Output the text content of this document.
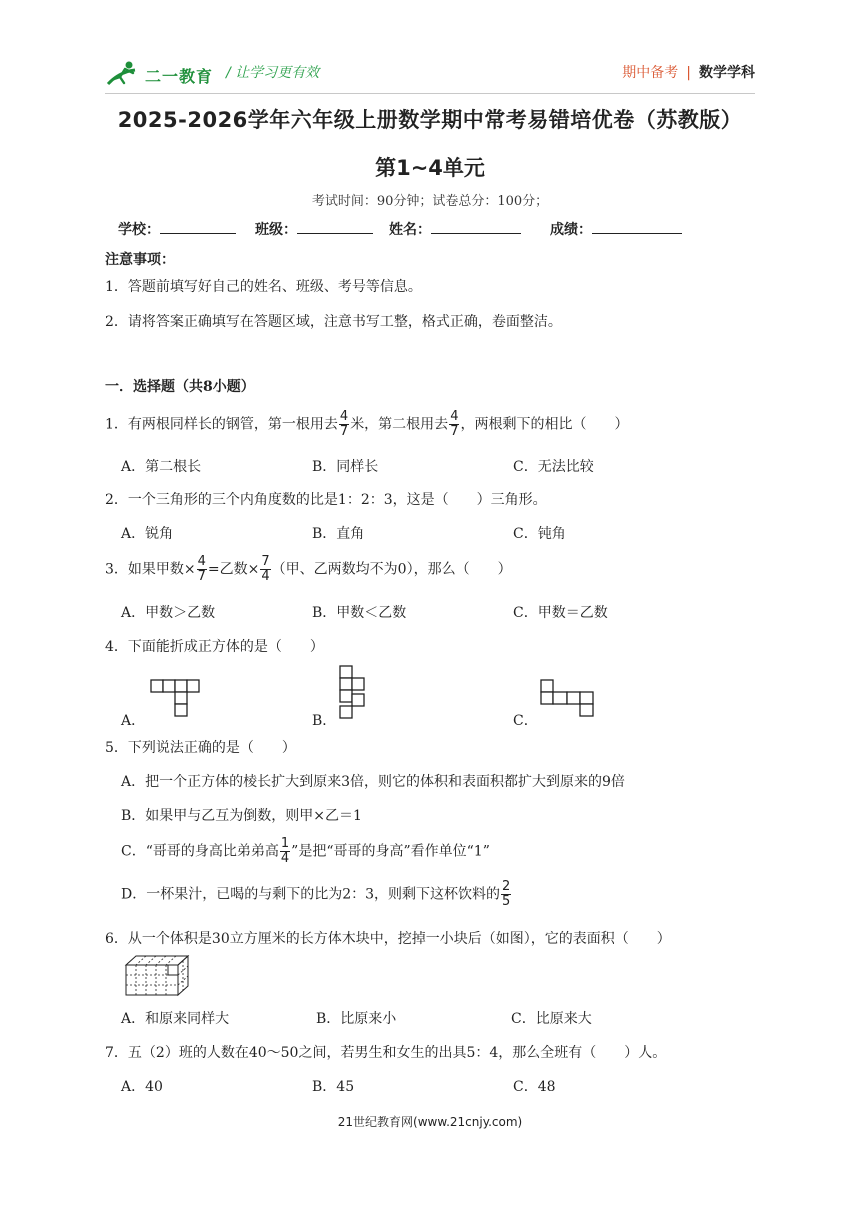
二一教育 / 让学习更有效	期中备考 | 数学学科
2025-2026学年六年级上册数学期中常考易错培优卷（苏教版）
第1~4单元
考试时间：90分钟；试卷总分：100分；
学校：	班级：	姓名：	成绩：
注意事项：
1．答题前填写好自己的姓名、班级、考号等信息。
2．请将答案正确填写在答题区域，注意书写工整，格式正确，卷面整洁。
一．选择题（共8小题）
1．有两根同样长的钢管，第一根用去 $\frac{4}{7}$ 米，第二根用去 $\frac{4}{7}$ ，两根剩下的相比（　　）
A．第二根长	B．同样长	C．无法比较
2．一个三角形的三个内角度数的比是1：2：3，这是（　　）三角形。
A．锐角	B．直角	C．钝角
3．如果甲数× $\frac{4}{7}$ =乙数× $\frac{7}{4}$ （甲、乙两数均不为0），那么（　　）
A．甲数＞乙数	B．甲数＜乙数	C．甲数＝乙数
4．下面能折成正方体的是（　　）
A．	B．	C．
5．下列说法正确的是（　　）
A．把一个正方体的棱长扩大到原来3倍，则它的体积和表面积都扩大到原来的9倍
B．如果甲与乙互为倒数，则甲×乙＝1
C．“哥哥的身高比弟弟高 $\frac{1}{4}$ ”是把“哥哥的身高”看作单位“1”
D．一杯果汁，已喝的与剩下的比为2：3，则剩下这杯饮料的 $\frac{2}{5}$
6．从一个体积是30立方厘米的长方体木块中，挖掉一小块后（如图），它的表面积（　　）
A．和原来同样大	B．比原来小	C．比原来大
7．五（2）班的人数在40～50之间，若男生和女生的出具5：4，那么全班有（　　）人。
A．40	B．45	C．48
21世纪教育网(www.21cnjy.com)
